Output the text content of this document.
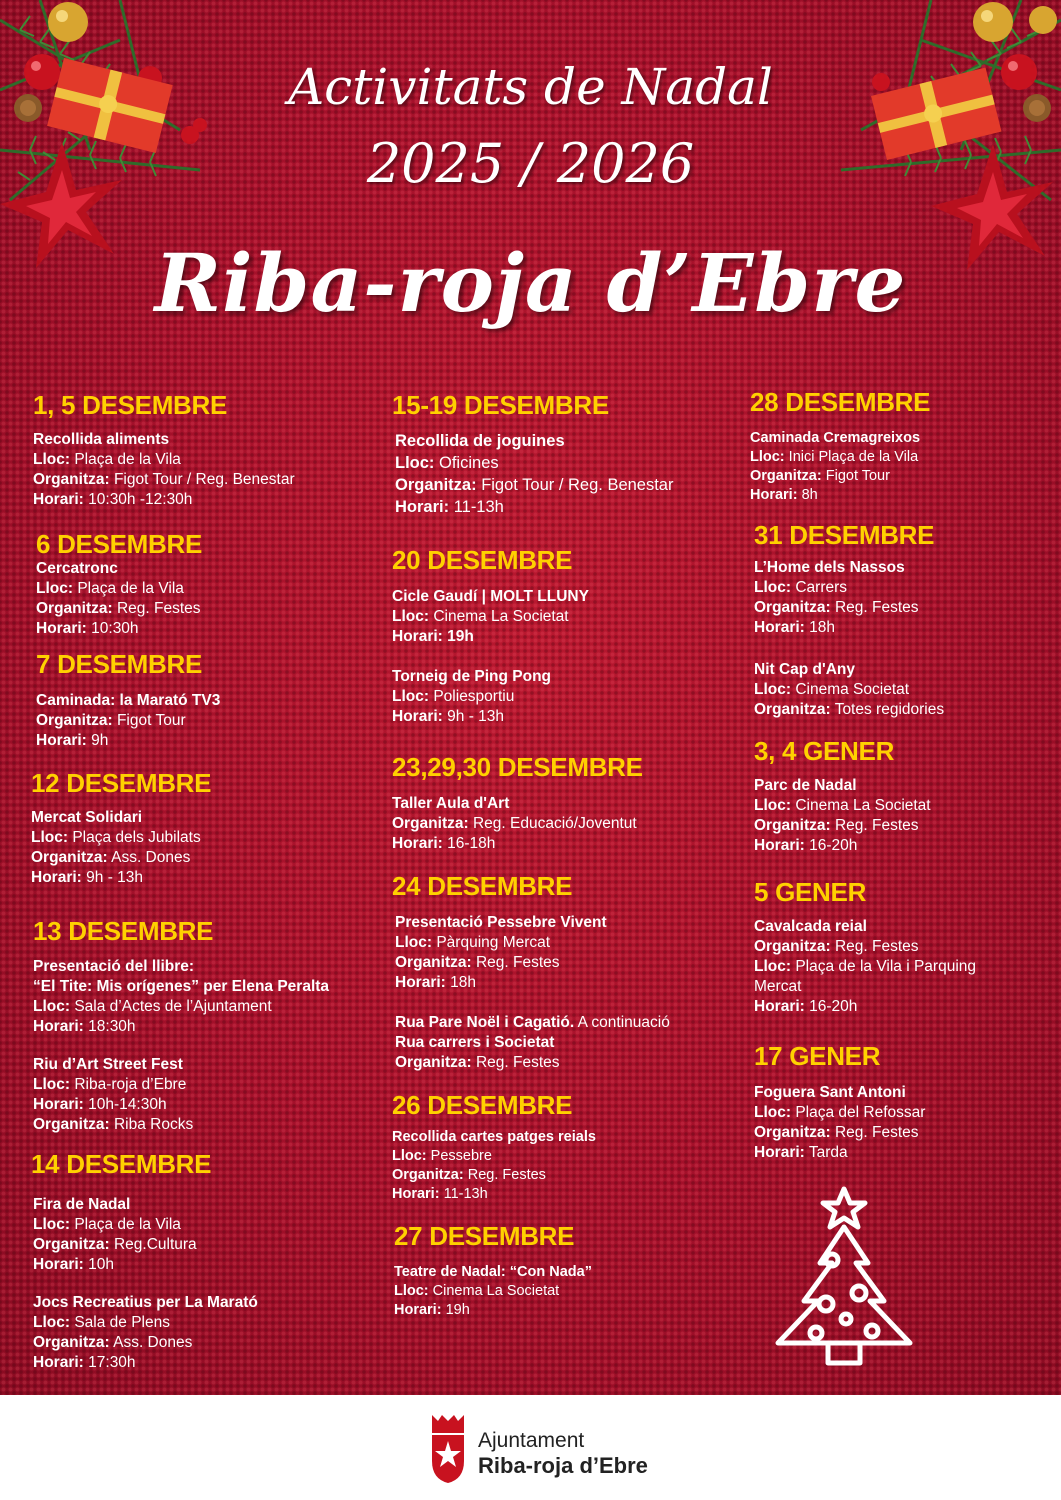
Activitats de Nadal
2025 / 2026
Riba-roja d’Ebre
1, 5 DESEMBRE
Recollida aliments
Lloc: Plaça de la Vila
Organitza: Figot Tour / Reg. Benestar
Horari: 10:30h -12:30h
6 DESEMBRE
Cercatronc
Lloc: Plaça de la Vila
Organitza: Reg. Festes
Horari: 10:30h
7 DESEMBRE
Caminada: la Marató TV3
Organitza: Figot Tour
Horari: 9h
12 DESEMBRE
Mercat Solidari
Lloc: Plaça dels Jubilats
Organitza: Ass. Dones
Horari: 9h - 13h
13 DESEMBRE
Presentació del llibre:
“El Tite: Mis orígenes” per Elena Peralta
Lloc: Sala d’Actes de l’Ajuntament
Horari: 18:30h
Riu d’Art Street Fest
Lloc: Riba-roja d’Ebre
Horari: 10h-14:30h
Organitza: Riba Rocks
14 DESEMBRE
Fira de Nadal
Lloc: Plaça de la Vila
Organitza: Reg.Cultura
Horari: 10h
Jocs Recreatius per La Marató
Lloc: Sala de Plens
Organitza: Ass. Dones
Horari: 17:30h
15-19 DESEMBRE
Recollida de joguines
Lloc: Oficines
Organitza: Figot Tour / Reg. Benestar
Horari: 11-13h
20 DESEMBRE
Cicle Gaudí | MOLT LLUNY
Lloc: Cinema La Societat
Horari: 19h
Torneig de Ping Pong
Lloc: Poliesportiu
Horari: 9h - 13h
23,29,30 DESEMBRE
Taller Aula d'Art
Organitza: Reg. Educació/Joventut
Horari: 16-18h
24 DESEMBRE
Presentació Pessebre Vivent
Lloc: Pàrquing Mercat
Organitza: Reg. Festes
Horari: 18h
Rua Pare Noël i Cagatió. A continuació
Rua carrers i Societat
Organitza: Reg. Festes
26 DESEMBRE
Recollida cartes patges reials
Lloc: Pessebre
Organitza: Reg. Festes
Horari: 11-13h
27 DESEMBRE
Teatre de Nadal: “Con Nada”
Lloc: Cinema La Societat
Horari: 19h
28 DESEMBRE
Caminada Cremagreixos
Lloc: Inici Plaça de la Vila
Organitza: Figot Tour
Horari: 8h
31 DESEMBRE
L’Home dels Nassos
Lloc: Carrers
Organitza: Reg. Festes
Horari: 18h
Nit Cap d'Any
Lloc: Cinema Societat
Organitza: Totes regidories
3, 4 GENER
Parc de Nadal
Lloc: Cinema La Societat
Organitza: Reg. Festes
Horari: 16-20h
5 GENER
Cavalcada reial
Organitza: Reg. Festes
Lloc: Plaça de la Vila i Parquing
Mercat
Horari: 16-20h
17 GENER
Foguera Sant Antoni
Lloc: Plaça del Refossar
Organitza: Reg. Festes
Horari: Tarda
Ajuntament
Riba-roja d’Ebre
